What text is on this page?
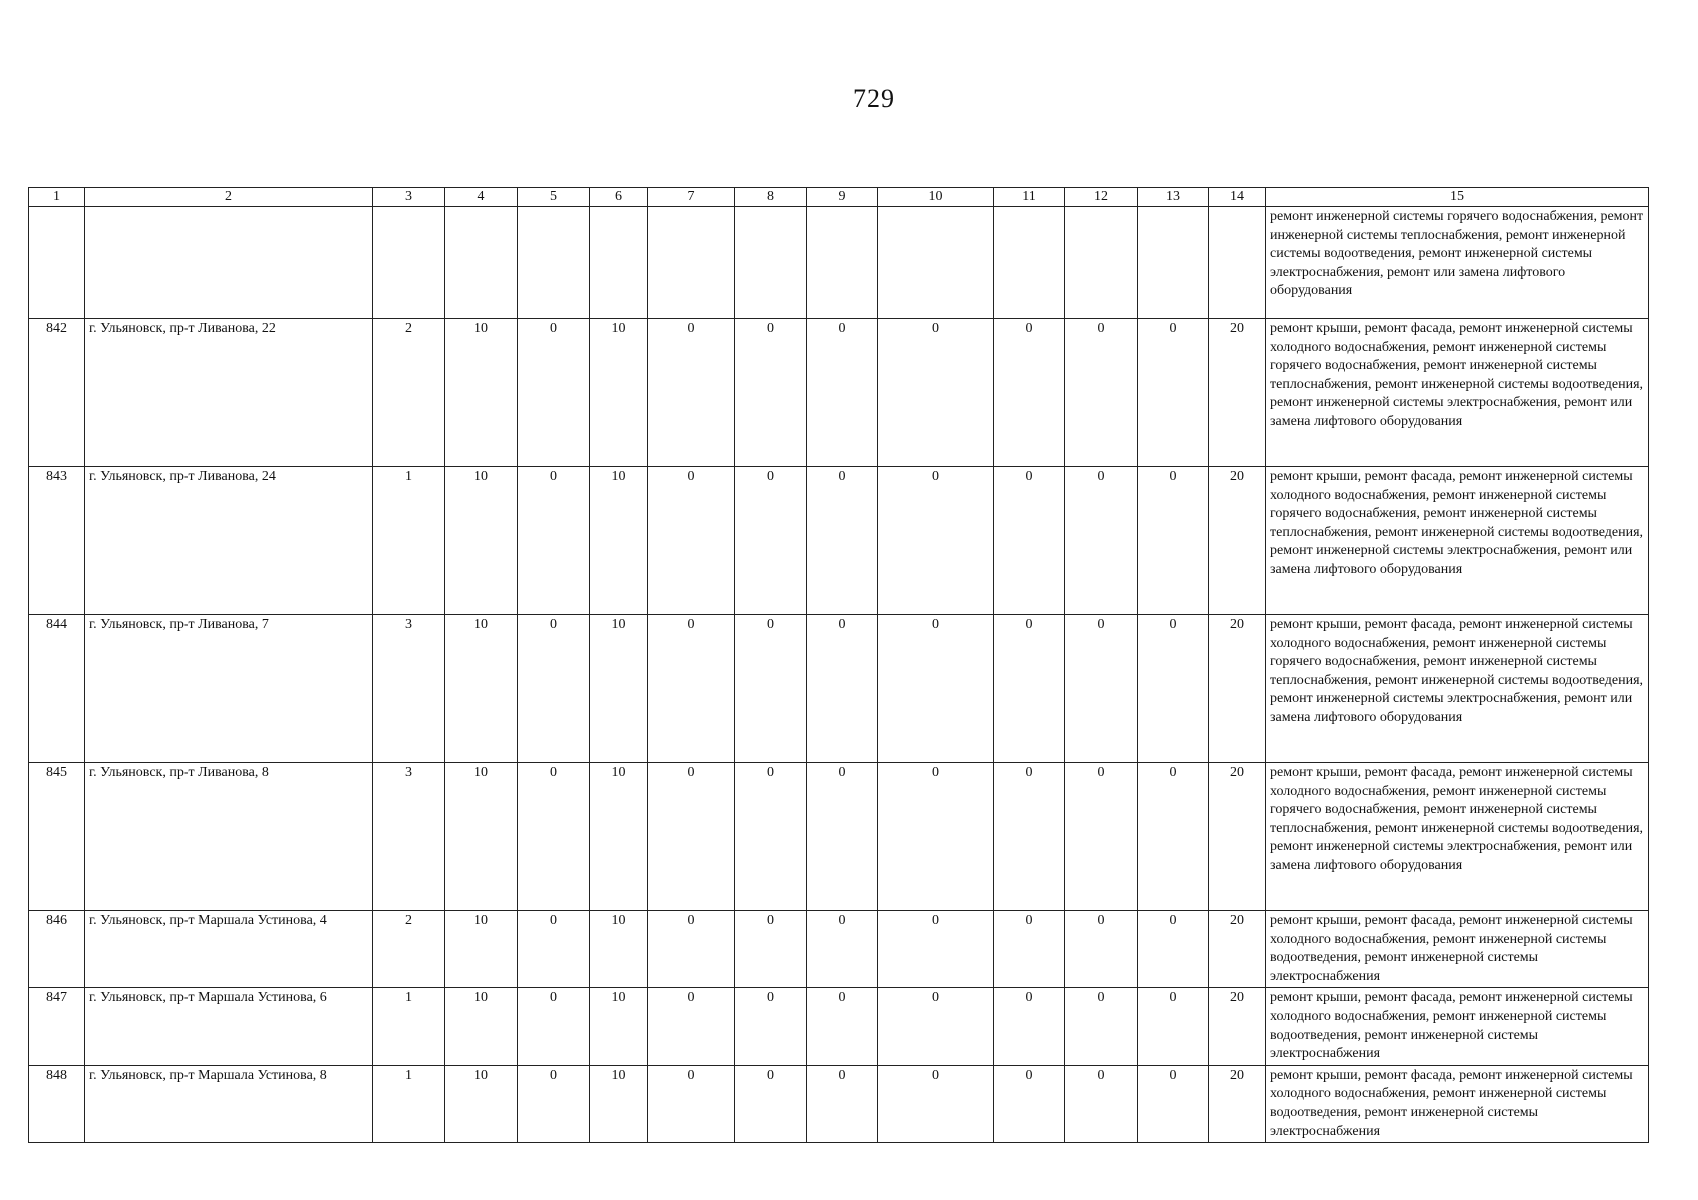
729
1	2	3	4	5	6	7	8	9	10	11	12	13	14	15
														ремонт инженерной системы горячего водоснабжения, ремонт инженерной системы теплоснабжения, ремонт инженерной системы водоотведения, ремонт инженерной системы электроснабжения, ремонт или замена лифтового оборудования
842	г. Ульяновск, пр-т Ливанова, 22	2	10	0	10	0	0	0	0	0	0	0	20	ремонт крыши, ремонт фасада, ремонт инженерной системы холодного водоснабжения, ремонт инженерной системы горячего водоснабжения, ремонт инженерной системы теплоснабжения, ремонт инженерной системы водоотведения, ремонт инженерной системы электроснабжения, ремонт или замена лифтового оборудования
843	г. Ульяновск, пр-т Ливанова, 24	1	10	0	10	0	0	0	0	0	0	0	20	ремонт крыши, ремонт фасада, ремонт инженерной системы холодного водоснабжения, ремонт инженерной системы горячего водоснабжения, ремонт инженерной системы теплоснабжения, ремонт инженерной системы водоотведения, ремонт инженерной системы электроснабжения, ремонт или замена лифтового оборудования
844	г. Ульяновск, пр-т Ливанова, 7	3	10	0	10	0	0	0	0	0	0	0	20	ремонт крыши, ремонт фасада, ремонт инженерной системы холодного водоснабжения, ремонт инженерной системы горячего водоснабжения, ремонт инженерной системы теплоснабжения, ремонт инженерной системы водоотведения, ремонт инженерной системы электроснабжения, ремонт или замена лифтового оборудования
845	г. Ульяновск, пр-т Ливанова, 8	3	10	0	10	0	0	0	0	0	0	0	20	ремонт крыши, ремонт фасада, ремонт инженерной системы холодного водоснабжения, ремонт инженерной системы горячего водоснабжения, ремонт инженерной системы теплоснабжения, ремонт инженерной системы водоотведения, ремонт инженерной системы электроснабжения, ремонт или замена лифтового оборудования
846	г. Ульяновск, пр-т Маршала Устинова, 4	2	10	0	10	0	0	0	0	0	0	0	20	ремонт крыши, ремонт фасада, ремонт инженерной системы холодного водоснабжения, ремонт инженерной системы водоотведения, ремонт инженерной системы электроснабжения
847	г. Ульяновск, пр-т Маршала Устинова, 6	1	10	0	10	0	0	0	0	0	0	0	20	ремонт крыши, ремонт фасада, ремонт инженерной системы холодного водоснабжения, ремонт инженерной системы водоотведения, ремонт инженерной системы электроснабжения
848	г. Ульяновск, пр-т Маршала Устинова, 8	1	10	0	10	0	0	0	0	0	0	0	20	ремонт крыши, ремонт фасада, ремонт инженерной системы холодного водоснабжения, ремонт инженерной системы водоотведения, ремонт инженерной системы электроснабжения
